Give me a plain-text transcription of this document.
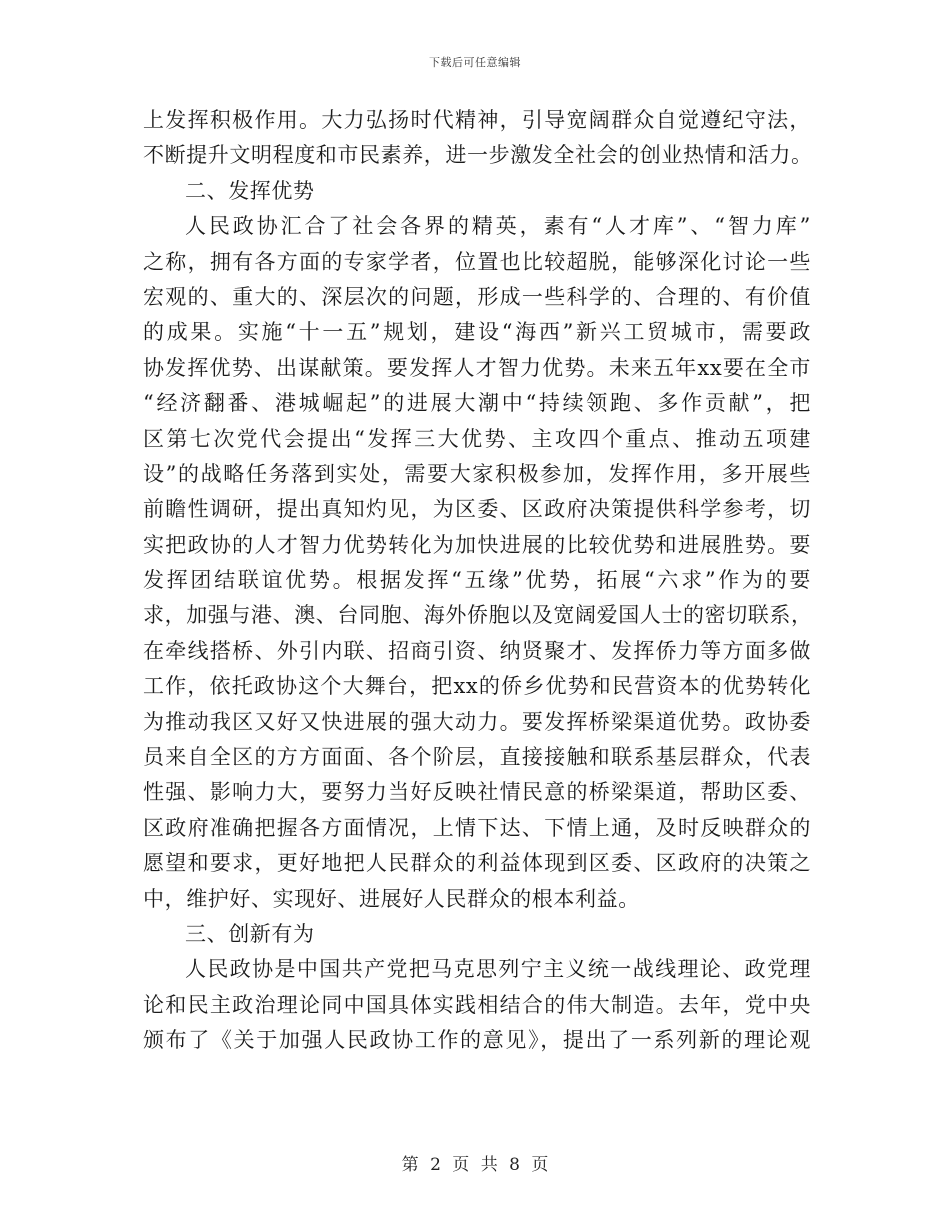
下载后可任意编辑
上发挥积极作用。大力弘扬时代精神，引导宽阔群众自觉遵纪守法，
不断提升文明程度和市民素养，进一步激发全社会的创业热情和活力。
二、发挥优势
人民政协汇合了社会各界的精英，素有“人才库”、“智力库”
之称，拥有各方面的专家学者，位置也比较超脱，能够深化讨论一些
宏观的、重大的、深层次的问题，形成一些科学的、合理的、有价值
的成果。实施“十一五”规划，建设“海西”新兴工贸城市，需要政
协发挥优势、出谋献策。要发挥人才智力优势。未来五年xx要在全市
“经济翻番、港城崛起”的进展大潮中“持续领跑、多作贡献”，把
区第七次党代会提出“发挥三大优势、主攻四个重点、推动五项建
设”的战略任务落到实处，需要大家积极参加，发挥作用，多开展些
前瞻性调研，提出真知灼见，为区委、区政府决策提供科学参考，切
实把政协的人才智力优势转化为加快进展的比较优势和进展胜势。要
发挥团结联谊优势。根据发挥“五缘”优势，拓展“六求”作为的要
求，加强与港、澳、台同胞、海外侨胞以及宽阔爱国人士的密切联系，
在牵线搭桥、外引内联、招商引资、纳贤聚才、发挥侨力等方面多做
工作，依托政协这个大舞台，把xx的侨乡优势和民营资本的优势转化
为推动我区又好又快进展的强大动力。要发挥桥梁渠道优势。政协委
员来自全区的方方面面、各个阶层，直接接触和联系基层群众，代表
性强、影响力大，要努力当好反映社情民意的桥梁渠道，帮助区委、
区政府准确把握各方面情况，上情下达、下情上通，及时反映群众的
愿望和要求，更好地把人民群众的利益体现到区委、区政府的决策之
中，维护好、实现好、进展好人民群众的根本利益。
三、创新有为
人民政协是中国共产党把马克思列宁主义统一战线理论、政党理
论和民主政治理论同中国具体实践相结合的伟大制造。去年，党中央
颁布了《关于加强人民政协工作的意见》，提出了一系列新的理论观
第 2 页 共 8 页
